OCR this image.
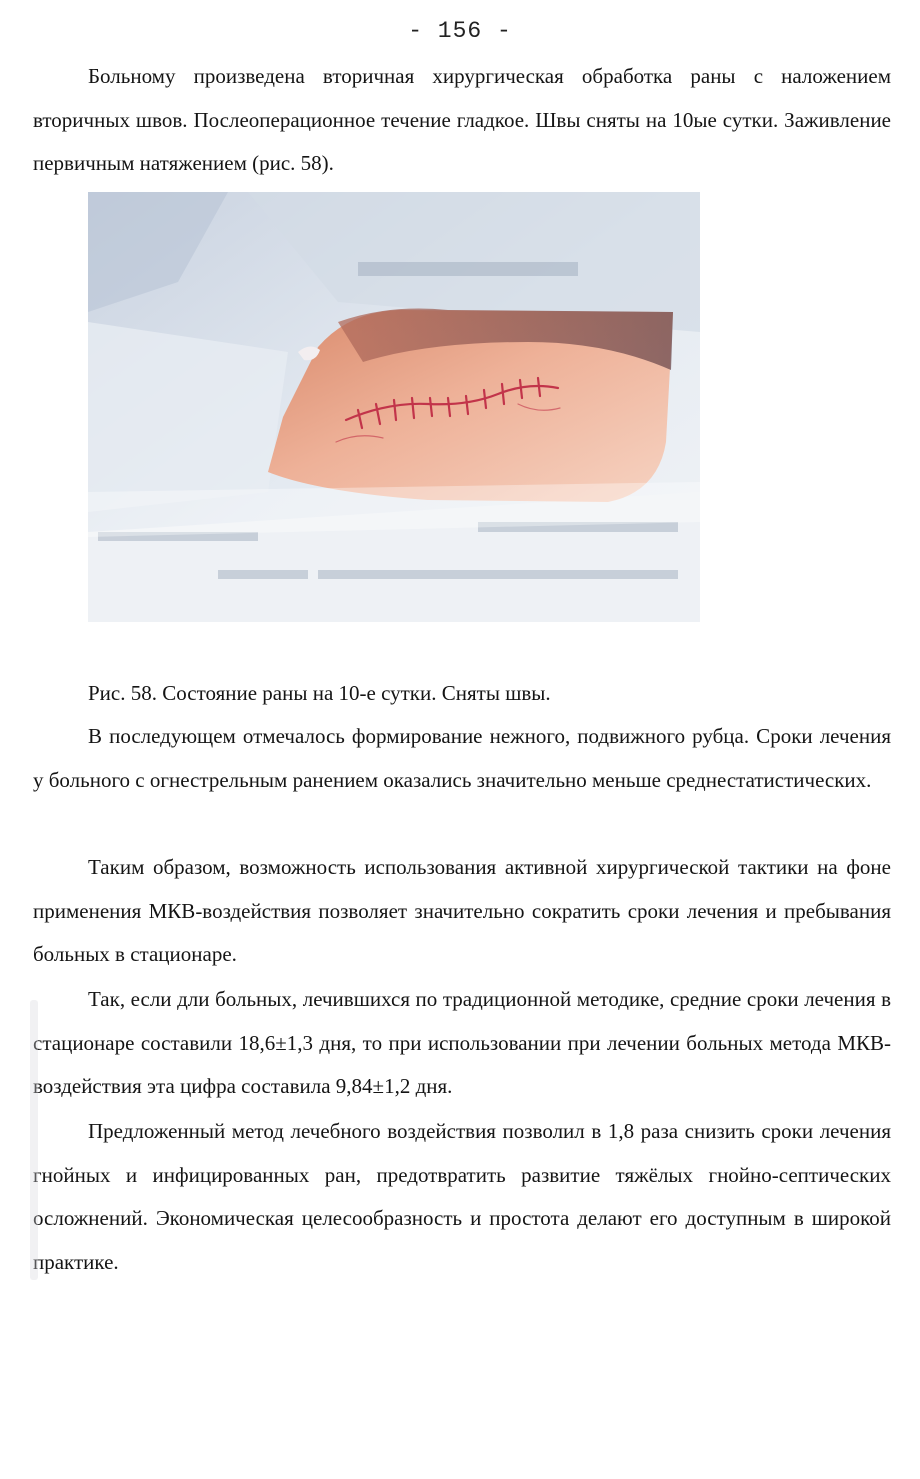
- 156 -

Больному произведена вторичная хирургическая обработка раны с наложением вторичных швов. Послеоперационное течение гладкое. Швы сняты на 10ые сутки. Заживление первичным натяжением (рис. 58).

Рис. 58. Состояние раны на 10-е сутки. Сняты швы.

В последующем отмечалось формирование нежного, подвижного рубца. Сроки лечения у больного с огнестрельным ранением оказались значительно меньше среднестатистических.

Таким образом, возможность использования активной хирургической тактики на фоне применения МКВ-воздействия позволяет значительно сократить сроки лечения и пребывания больных в стационаре.

Так, если дли больных, лечившихся по традиционной методике, средние сроки лечения в стационаре составили 18,6±1,3 дня, то при использовании при лечении больных метода МКВ-воздействия эта цифра составила 9,84±1,2 дня.

Предложенный метод лечебного воздействия позволил в 1,8 раза снизить сроки лечения гнойных и инфицированных ран, предотвратить развитие тяжёлых гнойно-септических осложнений. Экономическая целесообразность и простота делают его доступным в широкой практике.
